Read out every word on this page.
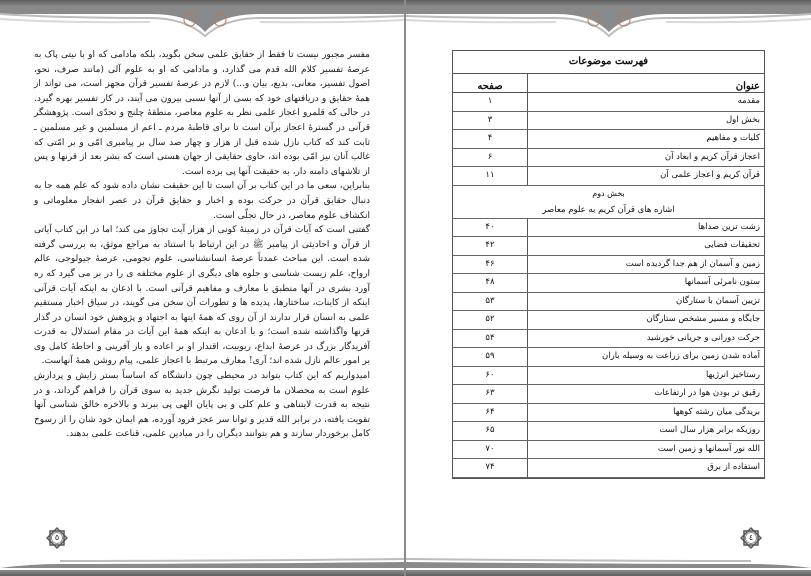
مفسر مجبور نیست تا فقط از حقایق علمی سخن بگوید، بلکه مادامی که او با نیتی پاک به عرصهٔ تفسیر کلام الله قدم می گذارد، و مادامی که او به علوم آلی (مانند صرف، نحو، اصول تفسیر، معانی، بدیع، بیان و...) لازم در عرصهٔ تفسیر قرآن مجهز است، می تواند از همهٔ حقایق و دریافتهای خود که بسی از آنها نسبی بیرون می آیند، در کار تفسیر بهره گیرد. در حالی که قلمرو اعجاز علمی نظر به علوم معاصر، منطقهٔ چلنج و تحدّی است. پژوهشگر قرآنی در گسترهٔ اعجاز برآن است تا برای قاطبهٔ مردم ـ اعم از مسلمین و غیر مسلمین ـ ثابت کند که کتاب نازل شده قبل از هزار و چهار صد سال بر پیامبری امّی و بر امّتی که غالب آنان نیز امّی بوده اند، حاوی حقایقی از جهان هستی است که بشر بعد از قرنها و پس از تلاشهای دامنه دار، به حقیقت آنها پی برده است.

بنابراین، سعی ما در این کتاب بر آن است تا این حقیقت نشان داده شود که علم همه جا به دنبال حقایق قرآن در حرکت بوده و اخبار و حقایق قرآن در عصر انفجار معلوماتی و انکشاف علوم معاصر، در حال تجلّی است.

گفتنی است که آیات قرآن در زمینهٔ کونی از هزار آیت تجاوز می کند؛ اما در این کتاب آیاتی از قرآن و احادیثی از پیامبر ﷺ در این ارتباط با استناد به مراجع موثق، به بررسی گرفته شده است. این مباحث عمدتاً عرصهٔ انسانشناسی، علوم نجومی، عرصهٔ جیولوجی، عالم ارواح، علم زیست شناسی و جلوه های دیگری از علوم مختلفه ی را در بر می گیرد که ره آورد بشری در آنها منطبق با معارف و مفاهیم قرآنی است. با اذعان به اینکه آیات قرآنی اینکه از کاینات، ساختارها، پدیده ها و تطورات آن سخن می گویند، در سیاق اخبار مستقیم علمی به انسان قرار ندارند از آن روی که همهٔ اینها به اجتهاد و پژوهش خود انسان در گذار قرنها واگذاشته شده است؛ و با اذعان به اینکه همهٔ این آیات در مقام استدلال به قدرت آفریدگار بزرگ در عرصهٔ ابداع، ربوبیت، اقتدار او بر اعاده و باز آفرینی و احاطهٔ کامل وی بر امور عالم نازل شده اند؛ آری! معارف مرتبط با اعجاز علمی، پیام روشن همهٔ آنهاست.

امیدواریم که این کتاب بتواند در محیطی چون دانشگاه که اساساً بستر زایش و پردازش علوم است به محصلان ما فرصت تولید نگرش جدید به سوی قرآن را فراهم گرداند، و در نتیجه به قدرت لایتناهی و علم کلی و بی پایان الهی پی ببرند و بالاخره خالق شناسی آنها تقویت یافته، در برابر الله قدیر و توانا سر عجز فرود آورده، هم ایمان خود شان را از رسوخ کامل برخوردار سازند و هم بتوانند دیگران را در میادین علمی، قناعت علمی بدهند.

٥
فهرست موضوعات
عنوان
صفحه
مقدمه
١
بخش اول
٣
کلیات و مفاهیم
۴
اعجاز قرآن کریم و ابعاد آن
۶
قرآن کریم و اعجاز علمی آن
١١
بخش دوم
اشاره های قرآن کریم به علوم معاصر
زشت ترین صداها
۴٠
تحقیقات فضایی
۴٢
زمین و آسمان از هم جدا گردیده است
۴۶
ستون نامرئی آسمانها
۴٨
تزیین آسمان با ستارگان
۵٣
جایگاه و مسیر مشخص ستارگان
۵٢
حرکت دورانی و جریانی خورشید
۵۴
آماده شدن زمین برای زراعت به وسیله باران
۵٩
رستاخیز انرژیها
۶٠
رقیق تر بودن هوا در ارتفاعات
۶٣
بریدگی میان رشته کوهها
۶۴
روزیکه برابر هزار سال است
۶۵
الله نور آسمانها و زمین است
٧٠
استفاده از برق
٧۴
٤
